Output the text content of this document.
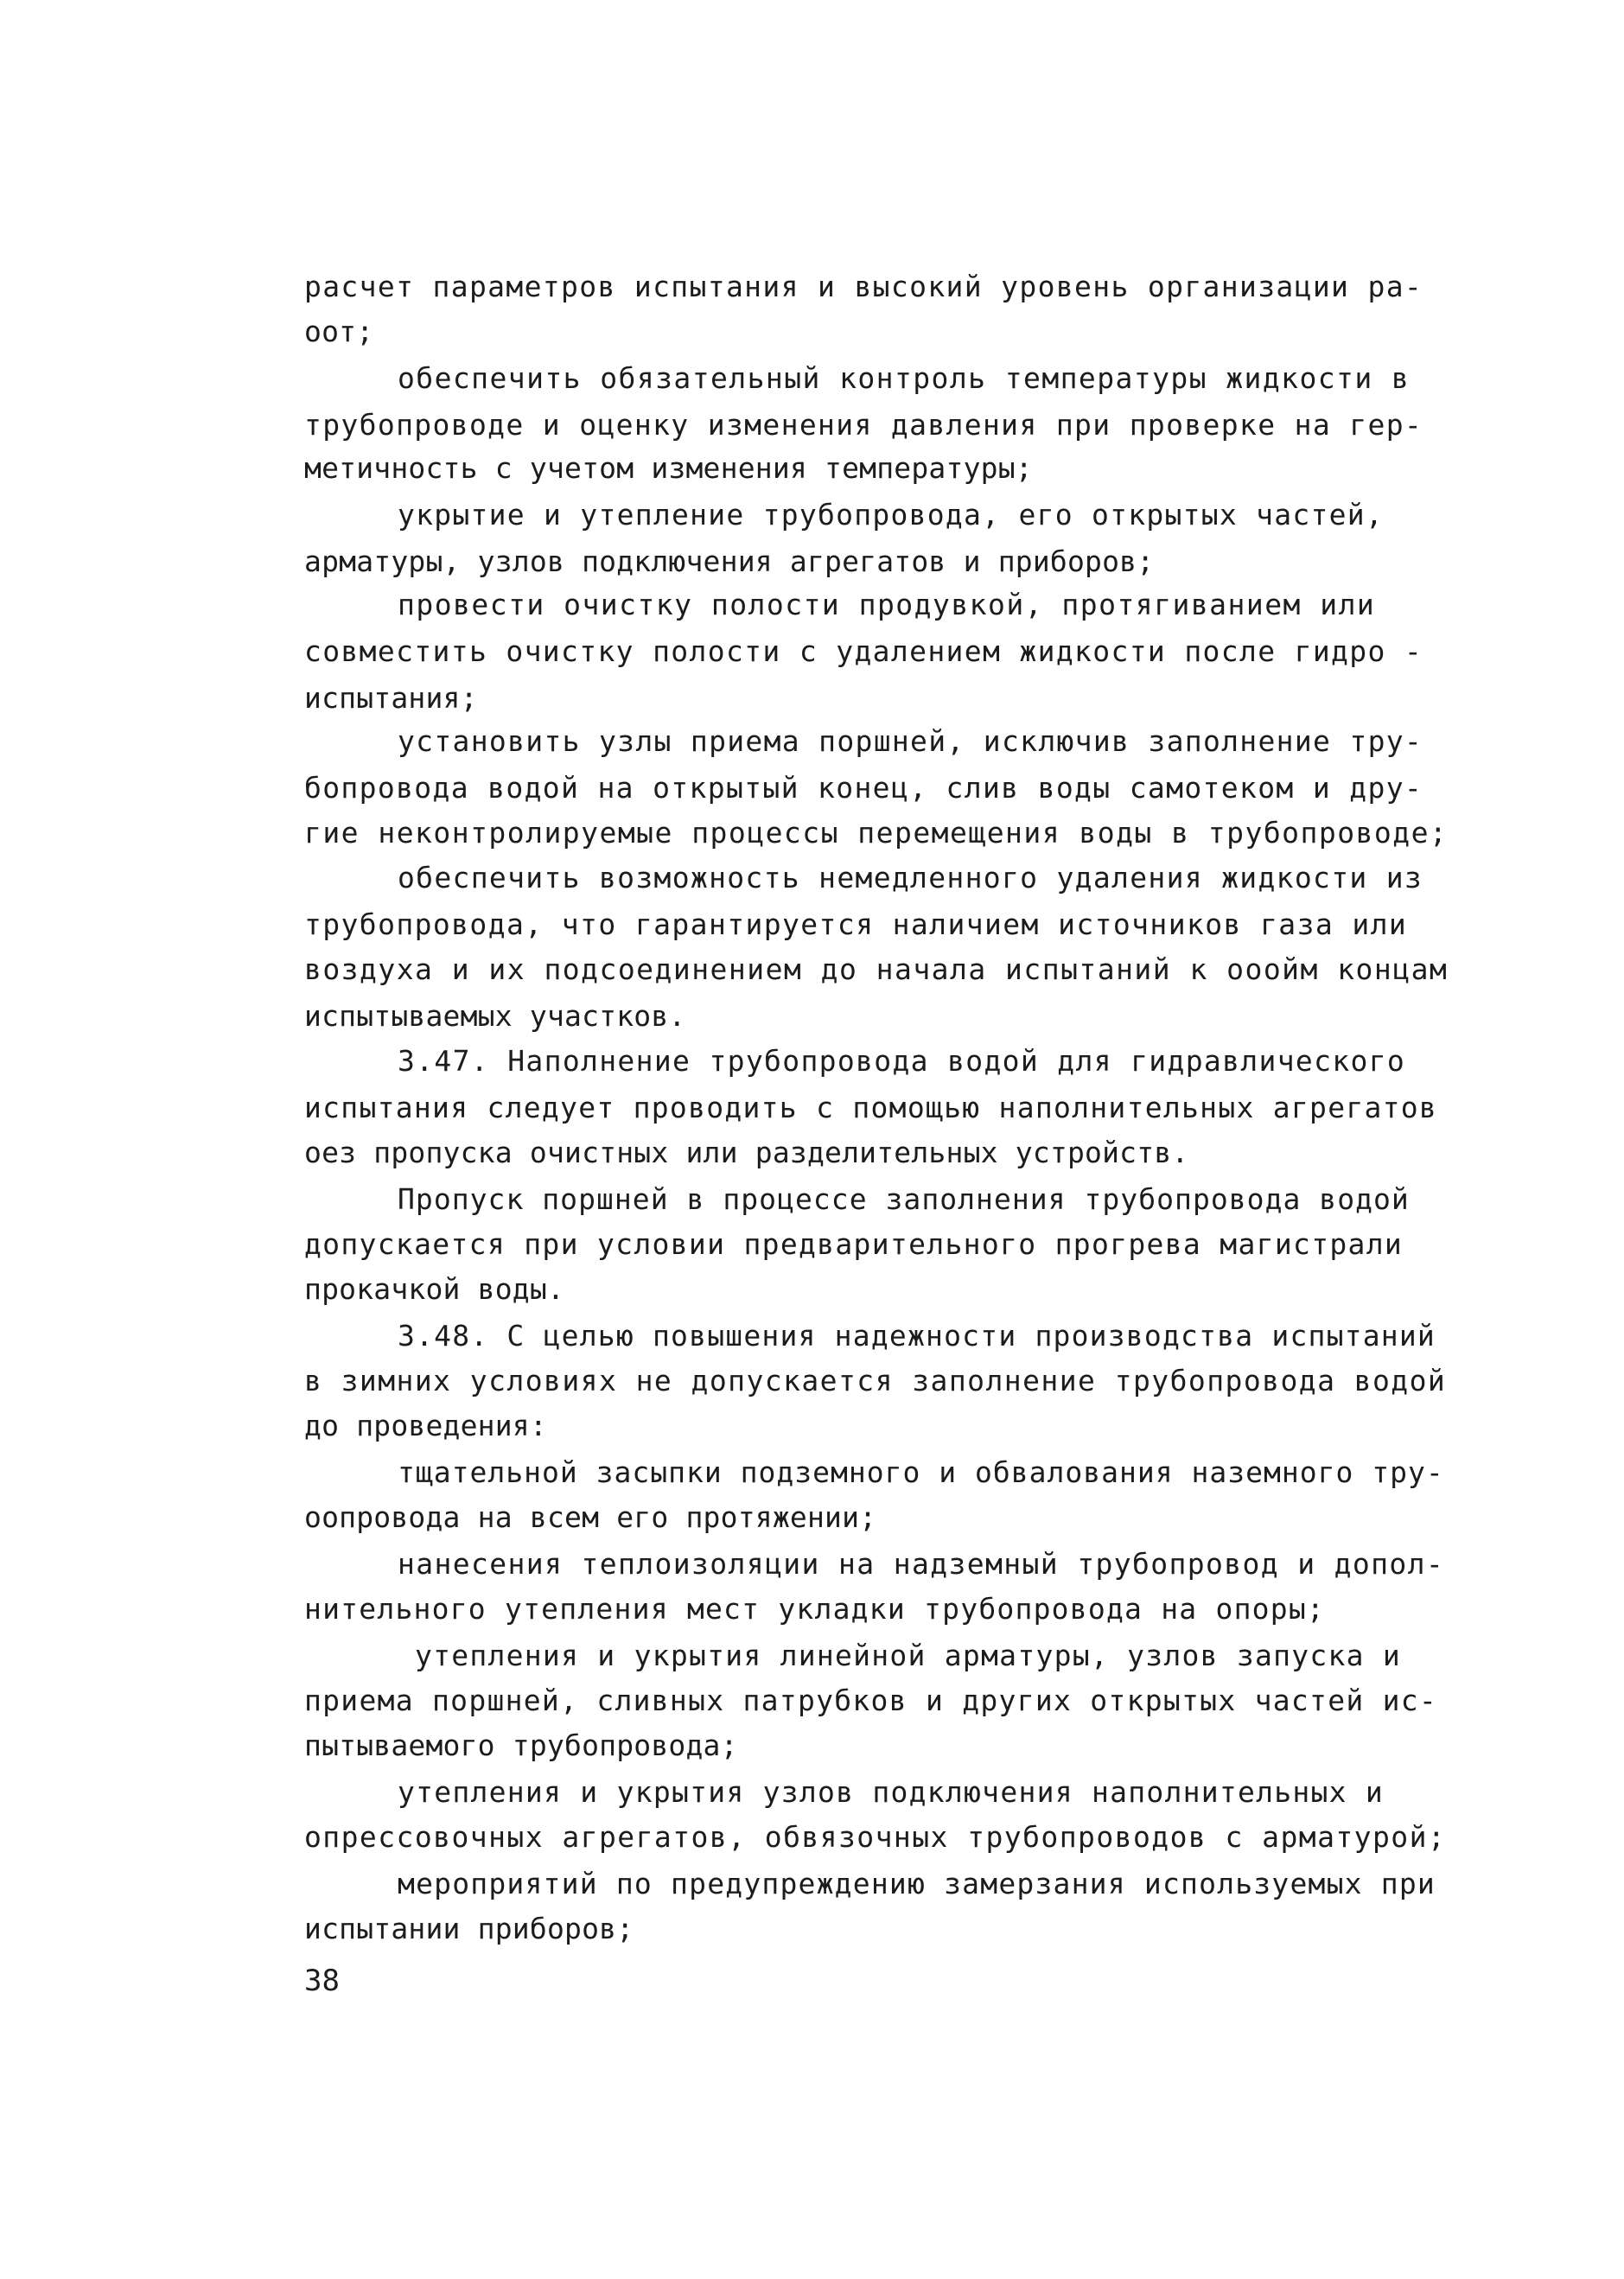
расчет параметров испытания и высокий уровень организации ра-
оот;
обеспечить обязательный контроль температуры жидкости в
трубопроводе и оценку изменения давления при проверке на гер-
метичность с учетом изменения температуры;
укрытие и утепление трубопровода, его открытых частей,
арматуры, узлов подключения агрегатов и приборов;
провести очистку полости продувкой, протягиванием или
совместить очистку полости с удалением жидкости после гидро -
испытания;
установить узлы приема поршней, исключив заполнение тру-
бопровода водой на открытый конец, слив воды самотеком и дру-
гие неконтролируемые процессы перемещения воды в трубопроводе;
обеспечить возможность немедленного удаления жидкости из
трубопровода, что гарантируется наличием источников газа или
воздуха и их подсоединением до начала испытаний к ооойм концам
испытываемых участков.
3.47. Наполнение трубопровода водой для гидравлического
испытания следует проводить с помощью наполнительных агрегатов
оез пропуска очистных или разделительных устройств.
Пропуск поршней в процессе заполнения трубопровода водой
допускается при условии предварительного прогрева магистрали
прокачкой воды.
3.48. С целью повышения надежности производства испытаний
в зимних условиях не допускается заполнение трубопровода водой
до проведения:
тщательной засыпки подземного и обвалования наземного тру-
оопровода на всем его протяжении;
нанесения теплоизоляции на надземный трубопровод и допол-
нительного утепления мест укладки трубопровода на опоры;
утепления и укрытия линейной арматуры, узлов запуска и
приема поршней, сливных патрубков и других открытых частей ис-
пытываемого трубопровода;
утепления и укрытия узлов подключения наполнительных и
опрессовочных агрегатов, обвязочных трубопроводов с арматурой;
мероприятий по предупреждению замерзания используемых при
испытании приборов;
38
